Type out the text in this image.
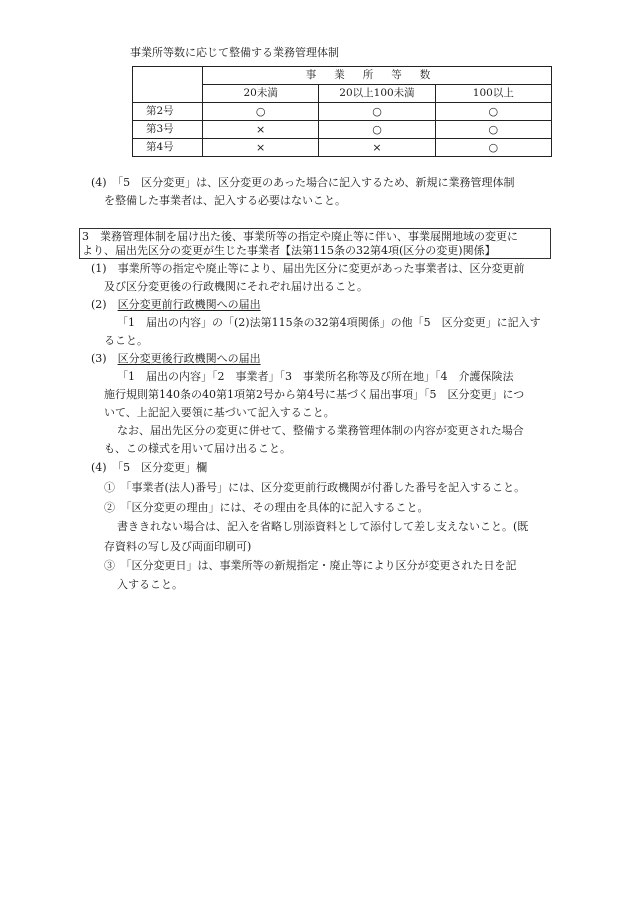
事業所等数に応じて整備する業務管理体制
	事業所等数		
	20未満	20以上100未満	100以上
第2号	○	○	○
第3号	×	○	○
第4号	×	×	○
(4)　「5　区分変更」は、区分変更のあった場合に記入するため、新規に業務管理体制
を整備した事業者は、記入する必要はないこと。
3　業務管理体制を届け出た後、事業所等の指定や廃止等に伴い、事業展開地域の変更に
より、届出先区分の変更が生じた事業者【法第115条の32第4項(区分の変更)関係】
(1)　事業所等の指定や廃止等により、届出先区分に変更があった事業者は、区分変更前
及び区分変更後の行政機関にそれぞれ届け出ること。
(2)　 区分変更前行政機関への届出
「1　届出の内容」の「(2)法第115条の32第4項関係」の他「5　区分変更」に記入す
ること。
(3)　 区分変更後行政機関への届出
「1　届出の内容」「2　事業者」「3　事業所名称等及び所在地」「4　介護保険法
施行規則第140条の40第1項第2号から第4号に基づく届出事項」「5　区分変更」につ
いて、上記記入要領に基づいて記入すること。
なお、届出先区分の変更に併せて、整備する業務管理体制の内容が変更された場合
も、この様式を用いて届け出ること。
(4)　「5　区分変更」欄
①　「事業者(法人)番号」には、区分変更前行政機関が付番した番号を記入すること。
②　「区分変更の理由」には、その理由を具体的に記入すること。
書ききれない場合は、記入を省略し別添資料として添付して差し支えないこと。(既
存資料の写し及び両面印刷可)
③　「区分変更日」は、事業所等の新規指定・廃止等により区分が変更された日を記
入すること。
